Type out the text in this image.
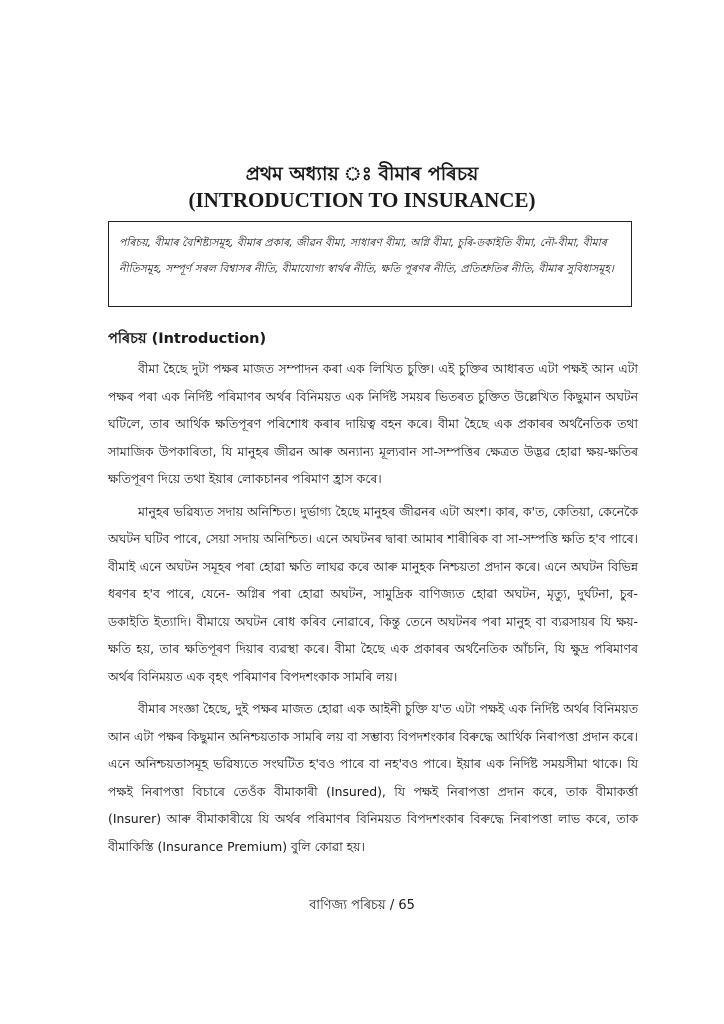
প্ৰথম অধ্যায় ঃ বীমাৰ পৰিচয়
(INTRODUCTION TO INSURANCE)
পৰিচয়, বীমাৰ বৈশিষ্ট্যসমূহ, বীমাৰ প্ৰকাৰ, জীৱন বীমা, সাধাৰণ বীমা, অগ্নি বীমা, চুৰি-ডকাইতি বীমা, নৌ-বীমা, বীমাৰ নীতিসমূহ, সম্পূৰ্ণ সৰল বিশ্বাসৰ নীতি, বীমাযোগ্য স্বাৰ্থৰ নীতি, ক্ষতি পূৰণৰ নীতি, প্ৰতিশ্ৰুতিৰ নীতি, বীমাৰ সুবিধাসমূহ।
পৰিচয় (Introduction)

বীমা হৈছে দুটা পক্ষৰ মাজত সম্পাদন কৰা এক লিখিত চুক্তি। এই চুক্তিৰ আধাৰত এটা পক্ষই আন এটা পক্ষৰ পৰা এক নিৰ্দিষ্ট পৰিমাণৰ অৰ্থৰ বিনিময়ত এক নিৰ্দিষ্ট সময়ৰ ভিতৰত চুক্তিত উল্লেখিত কিছুমান অঘটন ঘটিলে, তাৰ আৰ্থিক ক্ষতিপূৰণ পৰিশোধ কৰাৰ দায়িত্ব বহন কৰে। বীমা হৈছে এক প্ৰকাৰৰ অৰ্থনৈতিক তথা সামাজিক উপকাৰিতা, যি মানুহৰ জীৱন আৰু অন্যান্য মূল্যবান সা-সম্পত্তিৰ ক্ষেত্ৰত উদ্ভৱ হোৱা ক্ষয়-ক্ষতিৰ ক্ষতিপূৰণ দিয়ে তথা ইয়াৰ লোকচানৰ পৰিমাণ হ্ৰাস কৰে।

মানুহৰ ভৱিষ্যত সদায় অনিশ্চিত। দুৰ্ভাগ্য হৈছে মানুহৰ জীৱনৰ এটা অংশ। কাৰ, ক'ত, কেতিয়া, কেনেকৈ অঘটন ঘটিব পাৰে, সেয়া সদায় অনিশ্চিত। এনে অঘটনৰ দ্বাৰা আমাৰ শাৰীৰিক বা সা-সম্পত্তি ক্ষতি হ'ব পাৰে। বীমাই এনে অঘটন সমূহৰ পৰা হোৱা ক্ষতি লাঘৱ কৰে আৰু মানুহক নিশ্চয়তা প্ৰদান কৰে। এনে অঘটন বিভিন্ন ধৰণৰ হ'ব পাৰে, যেনে- অগ্নিৰ পৰা হোৱা অঘটন, সামুদ্ৰিক বাণিজ্যত হোৱা অঘটন, মৃত্যু, দুৰ্ঘটনা, চুৰ-ডকাইতি ইত্যাদি। বীমায়ে অঘটন ৰোধ কৰিব নোৱাৰে, কিন্তু তেনে অঘটনৰ পৰা মানুহ বা ব্যৱসায়ৰ যি ক্ষয়-ক্ষতি হয়, তাৰ ক্ষতিপূৰণ দিয়াৰ ব্যৱস্থা কৰে। বীমা হৈছে এক প্ৰকাৰৰ অৰ্থনৈতিক আঁচনি, যি ক্ষুদ্ৰ পৰিমাণৰ অৰ্থৰ বিনিময়ত এক বৃহৎ পৰিমাণৰ বিপদশংকাক সামৰি লয়।

বীমাৰ সংজ্ঞা হৈছে, দুই পক্ষৰ মাজত হোৱা এক আইনী চুক্তি য'ত এটা পক্ষই এক নিৰ্দিষ্ট অৰ্থৰ বিনিময়ত আন এটা পক্ষৰ কিছুমান অনিশ্চয়তাক সামৰি লয় বা সম্ভাব্য বিপদশংকাৰ বিৰুদ্ধে আৰ্থিক নিৰাপত্তা প্ৰদান কৰে। এনে অনিশ্চয়তাসমূহ ভৱিষ্যতে সংঘটিত হ'বও পাৰে বা নহ'বও পাৰে। ইয়াৰ এক নিৰ্দিষ্ট সময়সীমা থাকে। যি পক্ষই নিৰাপত্তা বিচাৰে তেওঁক বীমাকাৰী (Insured), যি পক্ষই নিৰাপত্তা প্ৰদান কৰে, তাক বীমাকৰ্ত্তা (Insurer) আৰু বীমাকাৰীয়ে যি অৰ্থৰ পৰিমাণৰ বিনিময়ত বিপদশংকাৰ বিৰুদ্ধে নিৰাপত্তা লাভ কৰে, তাক বীমাকিস্তি (Insurance Premium) বুলি কোৱা হয়।

বাণিজ্য পৰিচয় / 65
